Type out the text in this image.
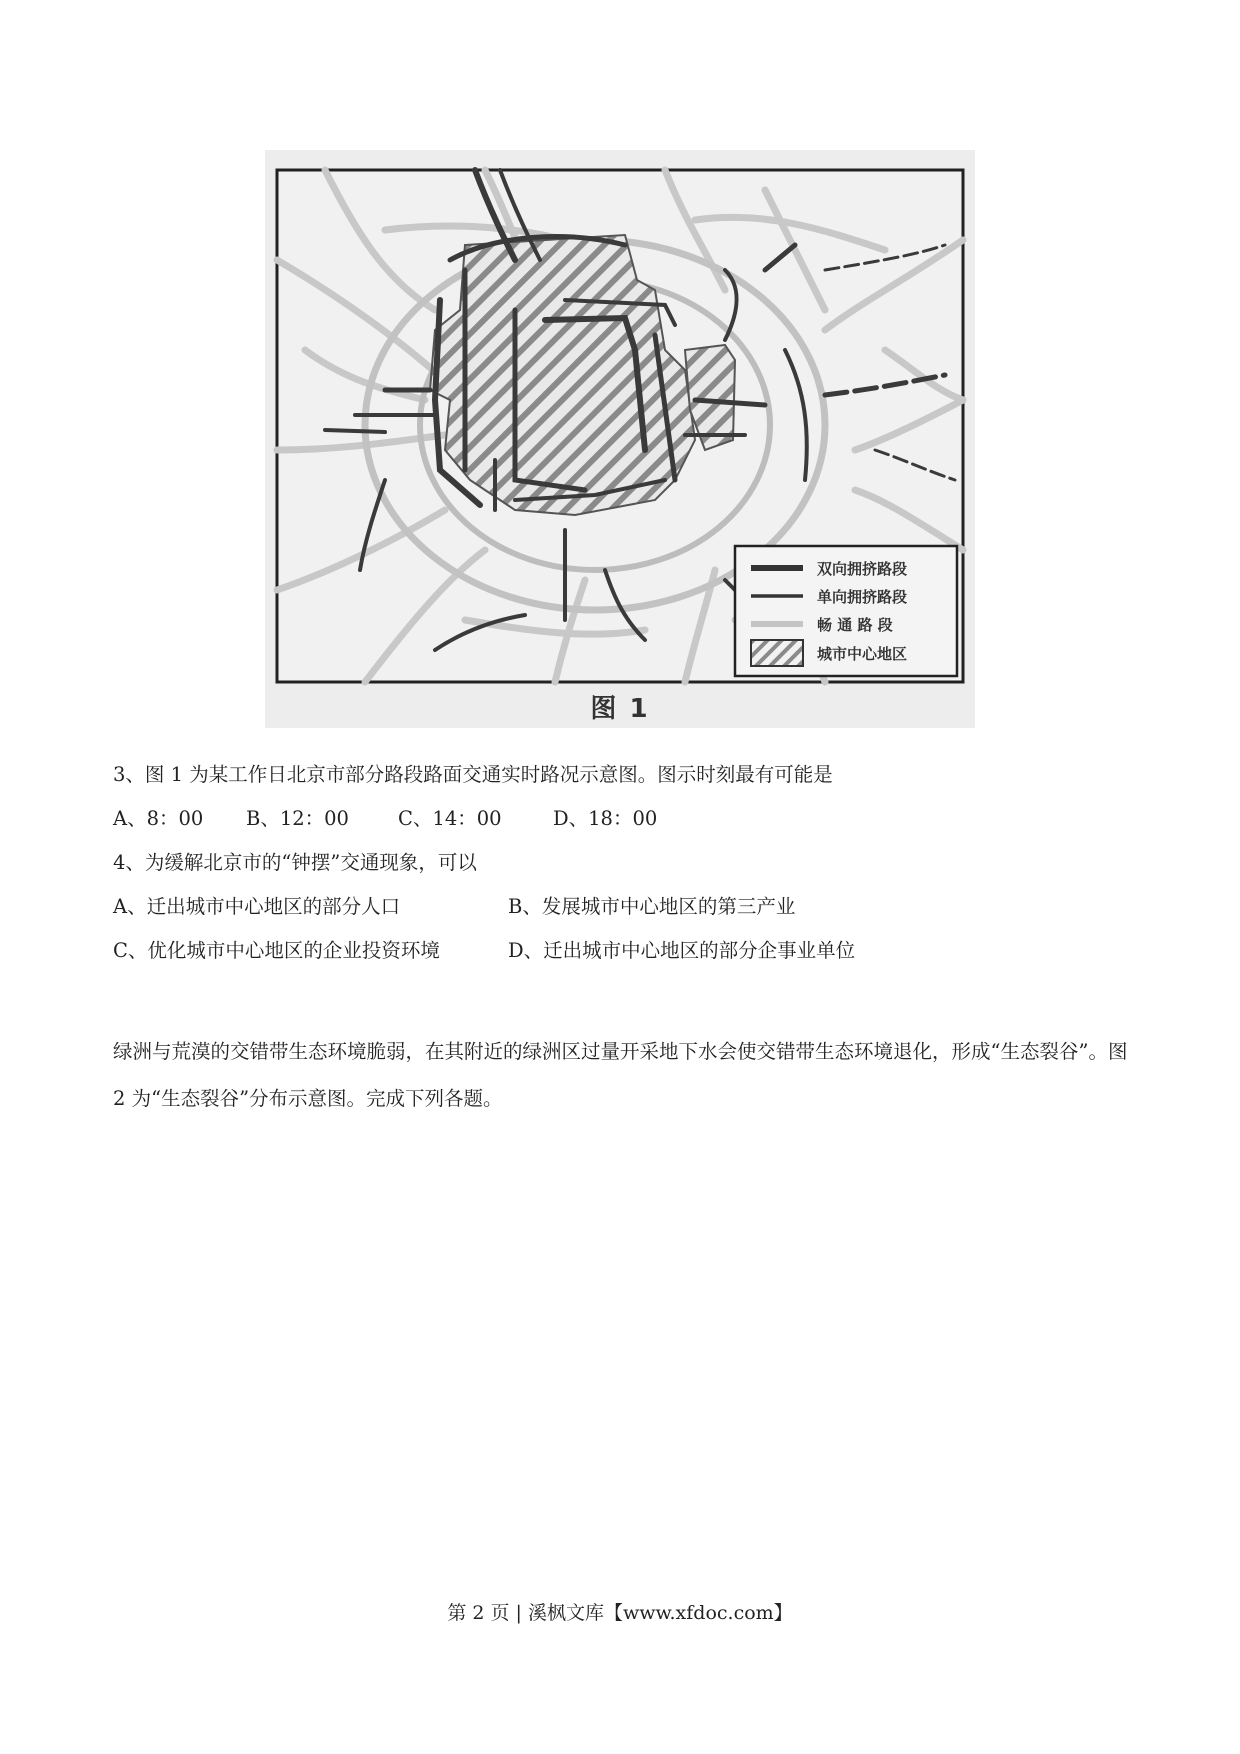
双向拥挤路段
单向拥挤路段
畅 通 路 段
城市中心地区
图 1
3、图 1 为某工作日北京市部分路段路面交通实时路况示意图。图示时刻最有可能是
A、8：00 B、12：00	C、14：00	D、18：00
4、为缓解北京市的“钟摆”交通现象，可以
A、迁出城市中心地区的部分人口	B、发展城市中心地区的第三产业
C、优化城市中心地区的企业投资环境	D、迁出城市中心地区的部分企事业单位
绿洲与荒漠的交错带生态环境脆弱，在其附近的绿洲区过量开采地下水会使交错带生态环境退化，形成“生态裂谷”。图 2 为“生态裂谷”分布示意图。完成下列各题。
第 2 页 | 溪枫文库【www.xfdoc.com】
